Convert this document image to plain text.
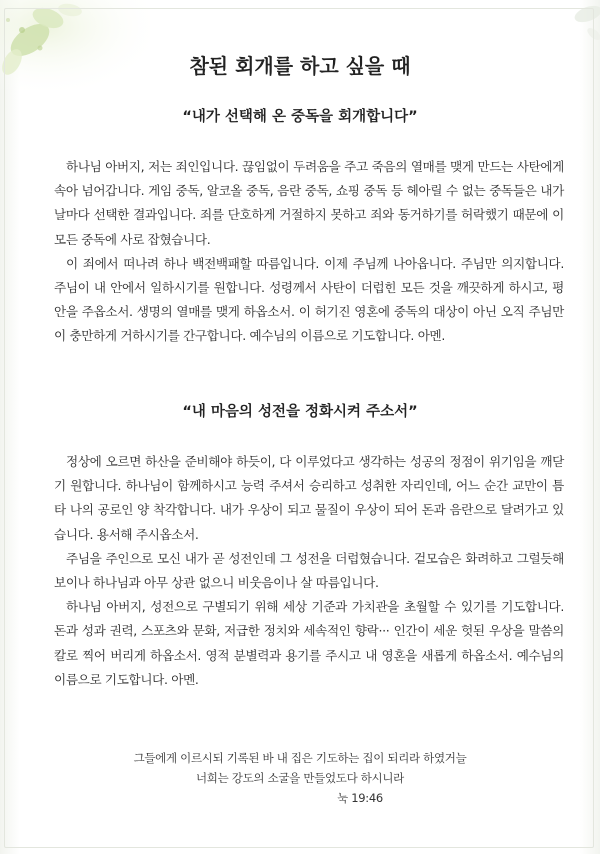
참된 회개를 하고 싶을 때
“내가 선택해 온 중독을 회개합니다”

하나님 아버지, 저는 죄인입니다. 끊임없이 두려움을 주고 죽음의 열매를 맺게 만드는 사탄에게 속아 넘어갑니다. 게임 중독, 알코올 중독, 음란 중독, 쇼핑 중독 등 헤아릴 수 없는 중독들은 내가 날마다 선택한 결과입니다. 죄를 단호하게 거절하지 못하고 죄와 동거하기를 허락했기 때문에 이 모든 중독에 사로 잡혔습니다.

이 죄에서 떠나려 하나 백전백패할 따름입니다. 이제 주님께 나아옵니다. 주님만 의지합니다. 주님이 내 안에서 일하시기를 원합니다. 성령께서 사탄이 더럽힌 모든 것을 깨끗하게 하시고, 평안을 주옵소서. 생명의 열매를 맺게 하옵소서. 이 허기진 영혼에 중독의 대상이 아닌 오직 주님만이 충만하게 거하시기를 간구합니다. 예수님의 이름으로 기도합니다. 아멘.

“내 마음의 성전을 정화시켜 주소서”

정상에 오르면 하산을 준비해야 하듯이, 다 이루었다고 생각하는 성공의 정점이 위기임을 깨닫기 원합니다. 하나님이 함께하시고 능력 주셔서 승리하고 성취한 자리인데, 어느 순간 교만이 틈타 나의 공로인 양 착각합니다. 내가 우상이 되고 물질이 우상이 되어 돈과 음란으로 달려가고 있습니다. 용서해 주시옵소서.

주님을 주인으로 모신 내가 곧 성전인데 그 성전을 더럽혔습니다. 겉모습은 화려하고 그럴듯해 보이나 하나님과 아무 상관 없으니 비웃음이나 살 따름입니다.

하나님 아버지, 성전으로 구별되기 위해 세상 기준과 가치관을 초월할 수 있기를 기도합니다. 돈과 성과 권력, 스포츠와 문화, 저급한 정치와 세속적인 향락··· 인간이 세운 헛된 우상을 말씀의 칼로 찍어 버리게 하옵소서. 영적 분별력과 용기를 주시고 내 영혼을 새롭게 하옵소서. 예수님의 이름으로 기도합니다. 아멘.

그들에게 이르시되 기록된 바 내 집은 기도하는 집이 되리라 하였거늘
너희는 강도의 소굴을 만들었도다 하시니라
눅 19:46
